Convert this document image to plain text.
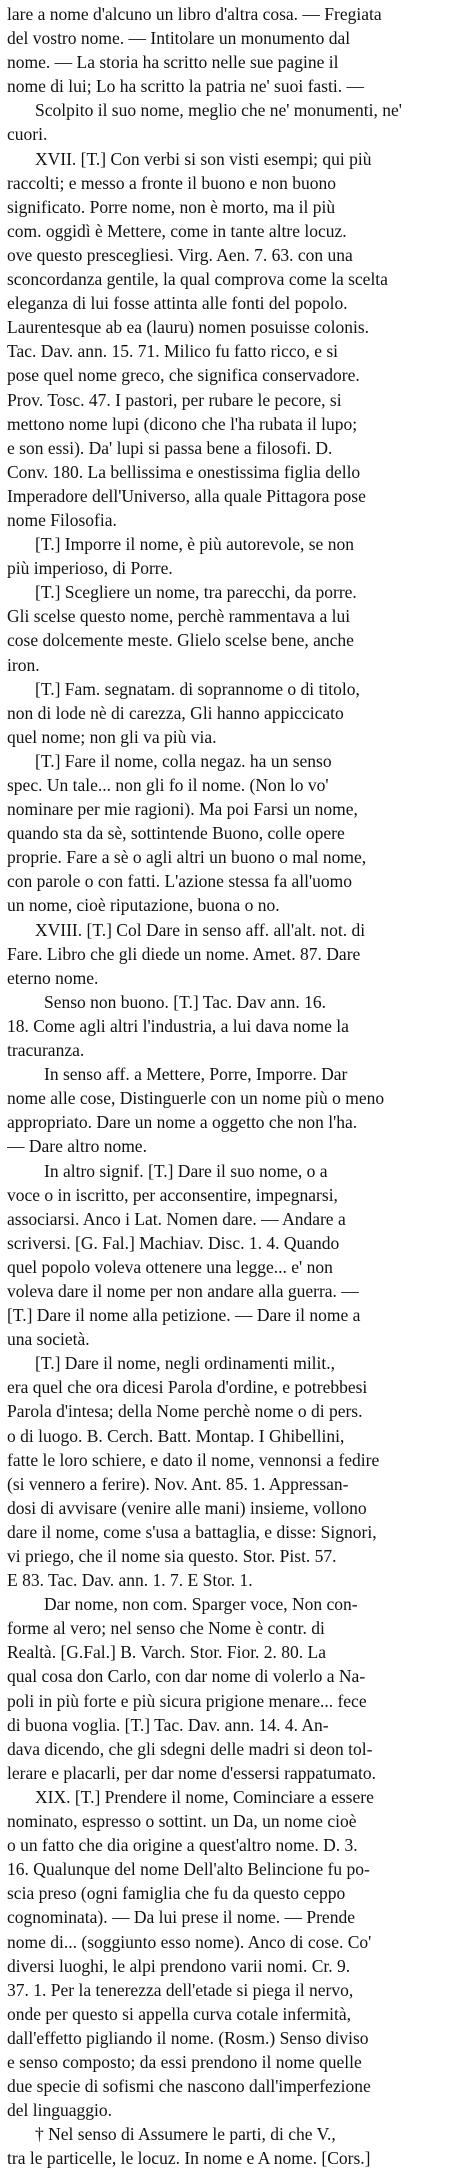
lare a nome d'alcuno un libro d'altra cosa. — Fregiata
del vostro nome. — Intitolare un monumento dal
nome. — La storia ha scritto nelle sue pagine il
nome di lui; Lo ha scritto la patria ne' suoi fasti. —
Scolpito il suo nome, meglio che ne' monumenti, ne'
cuori.
XVII. [T.] Con verbi si son visti esempi; qui più
raccolti; e messo a fronte il buono e non buono
significato. Porre nome, non è morto, ma il più
com. oggidì è Mettere, come in tante altre locuz.
ove questo prescegliesi. Virg. Aen. 7. 63. con una
sconcordanza gentile, la qual comprova come la scelta
eleganza di lui fosse attinta alle fonti del popolo.
Laurentesque ab ea (lauru) nomen posuisse colonis.
Tac. Dav. ann. 15. 71. Milico fu fatto ricco, e si
pose quel nome greco, che significa conservadore.
Prov. Tosc. 47. I pastori, per rubare le pecore, si
mettono nome lupi (dicono che l'ha rubata il lupo;
e son essi). Da' lupi si passa bene a filosofi. D.
Conv. 180. La bellissima e onestissima figlia dello
Imperadore dell'Universo, alla quale Pittagora pose
nome Filosofia.
[T.] Imporre il nome, è più autorevole, se non
più imperioso, di Porre.
[T.] Scegliere un nome, tra parecchi, da porre.
Gli scelse questo nome, perchè rammentava a lui
cose dolcemente meste. Glielo scelse bene, anche
iron.
[T.] Fam. segnatam. di soprannome o di titolo,
non di lode nè di carezza, Gli hanno appiccicato
quel nome; non gli va più via.
[T.] Fare il nome, colla negaz. ha un senso
spec. Un tale... non gli fo il nome. (Non lo vo'
nominare per mie ragioni). Ma poi Farsi un nome,
quando sta da sè, sottintende Buono, colle opere
proprie. Fare a sè o agli altri un buono o mal nome,
con parole o con fatti. L'azione stessa fa all'uomo
un nome, cioè riputazione, buona o no.
XVIII. [T.] Col Dare in senso aff. all'alt. not. di
Fare. Libro che gli diede un nome. Amet. 87. Dare
eterno nome.
Senso non buono. [T.] Tac. Dav ann. 16.
18. Come agli altri l'industria, a lui dava nome la
tracuranza.
In senso aff. a Mettere, Porre, Imporre. Dar
nome alle cose, Distinguerle con un nome più o meno
appropriato. Dare un nome a oggetto che non l'ha.
— Dare altro nome.
In altro signif. [T.] Dare il suo nome, o a
voce o in iscritto, per acconsentire, impegnarsi,
associarsi. Anco i Lat. Nomen dare. — Andare a
scriversi. [G. Fal.] Machiav. Disc. 1. 4. Quando
quel popolo voleva ottenere una legge... e' non
voleva dare il nome per non andare alla guerra. —
[T.] Dare il nome alla petizione. — Dare il nome a
una società.
[T.] Dare il nome, negli ordinamenti milit.,
era quel che ora dicesi Parola d'ordine, e potrebbesi
Parola d'intesa; della Nome perchè nome o di pers.
o di luogo. B. Cerch. Batt. Montap. I Ghibellini,
fatte le loro schiere, e dato il nome, vennonsi a fedire
(si vennero a ferire). Nov. Ant. 85. 1. Appressan-
dosi di avvisare (venire alle mani) insieme, vollono
dare il nome, come s'usa a battaglia, e disse: Signori,
vi priego, che il nome sia questo. Stor. Pist. 57.
E 83. Tac. Dav. ann. 1. 7. E Stor. 1.
Dar nome, non com. Sparger voce, Non con-
forme al vero; nel senso che Nome è contr. di
Realtà. [G.Fal.] B. Varch. Stor. Fior. 2. 80. La
qual cosa don Carlo, con dar nome di volerlo a Na-
poli in più forte e più sicura prigione menare... fece
di buona voglia. [T.] Tac. Dav. ann. 14. 4. An-
dava dicendo, che gli sdegni delle madri si deon tol-
lerare e placarli, per dar nome d'essersi rappatumato.
XIX. [T.] Prendere il nome, Cominciare a essere
nominato, espresso o sottint. un Da, un nome cioè
o un fatto che dia origine a quest'altro nome. D. 3.
16. Qualunque del nome Dell'alto Belincione fu po-
scia preso (ogni famiglia che fu da questo ceppo
cognominata). — Da lui prese il nome. — Prende
nome di... (soggiunto esso nome). Anco di cose. Co'
diversi luoghi, le alpi prendono varii nomi. Cr. 9.
37. 1. Per la tenerezza dell'etade si piega il nervo,
onde per questo si appella curva cotale infermità,
dall'effetto pigliando il nome. (Rosm.) Senso diviso
e senso composto; da essi prendono il nome quelle
due specie di sofismi che nascono dall'imperfezione
del linguaggio.
† Nel senso di Assumere le parti, di che V.,
tra le particelle, le locuz. In nome e A nome. [Cors.]
